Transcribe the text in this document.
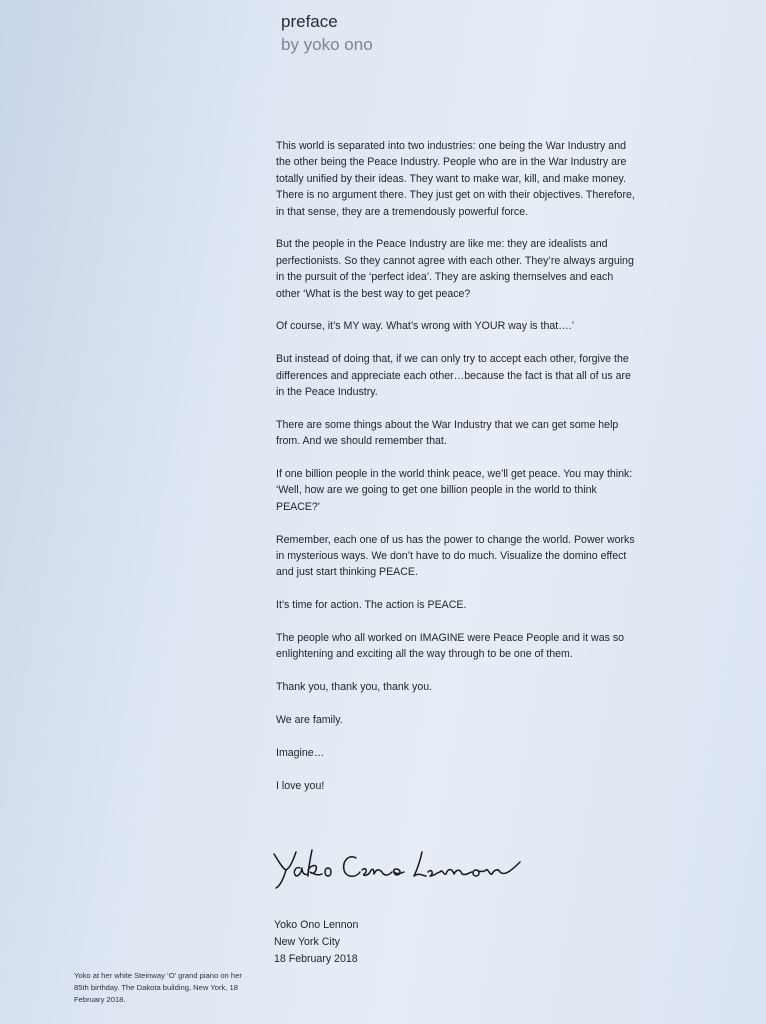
preface
by yoko ono

This world is separated into two industries: one being the War Industry and the other being the Peace Industry. People who are in the War Industry are totally unified by their ideas. They want to make war, kill, and make money. There is no argument there. They just get on with their objectives. Therefore, in that sense, they are a tremendously powerful force.

But the people in the Peace Industry are like me: they are idealists and perfectionists. So they cannot agree with each other. They’re always arguing in the pursuit of the ‘perfect idea’. They are asking themselves and each other ‘What is the best way to get peace?

Of course, it’s MY way. What’s wrong with YOUR way is that….’

But instead of doing that, if we can only try to accept each other, forgive the differences and appreciate each other…because the fact is that all of us are in the Peace Industry.

There are some things about the War Industry that we can get some help from. And we should remember that.

If one billion people in the world think peace, we’ll get peace. You may think: ‘Well, how are we going to get one billion people in the world to think PEACE?’

Remember, each one of us has the power to change the world. Power works in mysterious ways. We don’t have to do much. Visualize the domino effect and just start thinking PEACE.

It’s time for action. The action is PEACE.

The people who all worked on IMAGINE were Peace People and it was so enlightening and exciting all the way through to be one of them.

Thank you, thank you, thank you.

We are family.

Imagine…

I love you!

Yoko Ono Lennon
New York City
18 February 2018
Yoko at her white Steinway ‘O’ grand piano on her 85th birthday. The Dakota building, New York, 18 February 2018.
